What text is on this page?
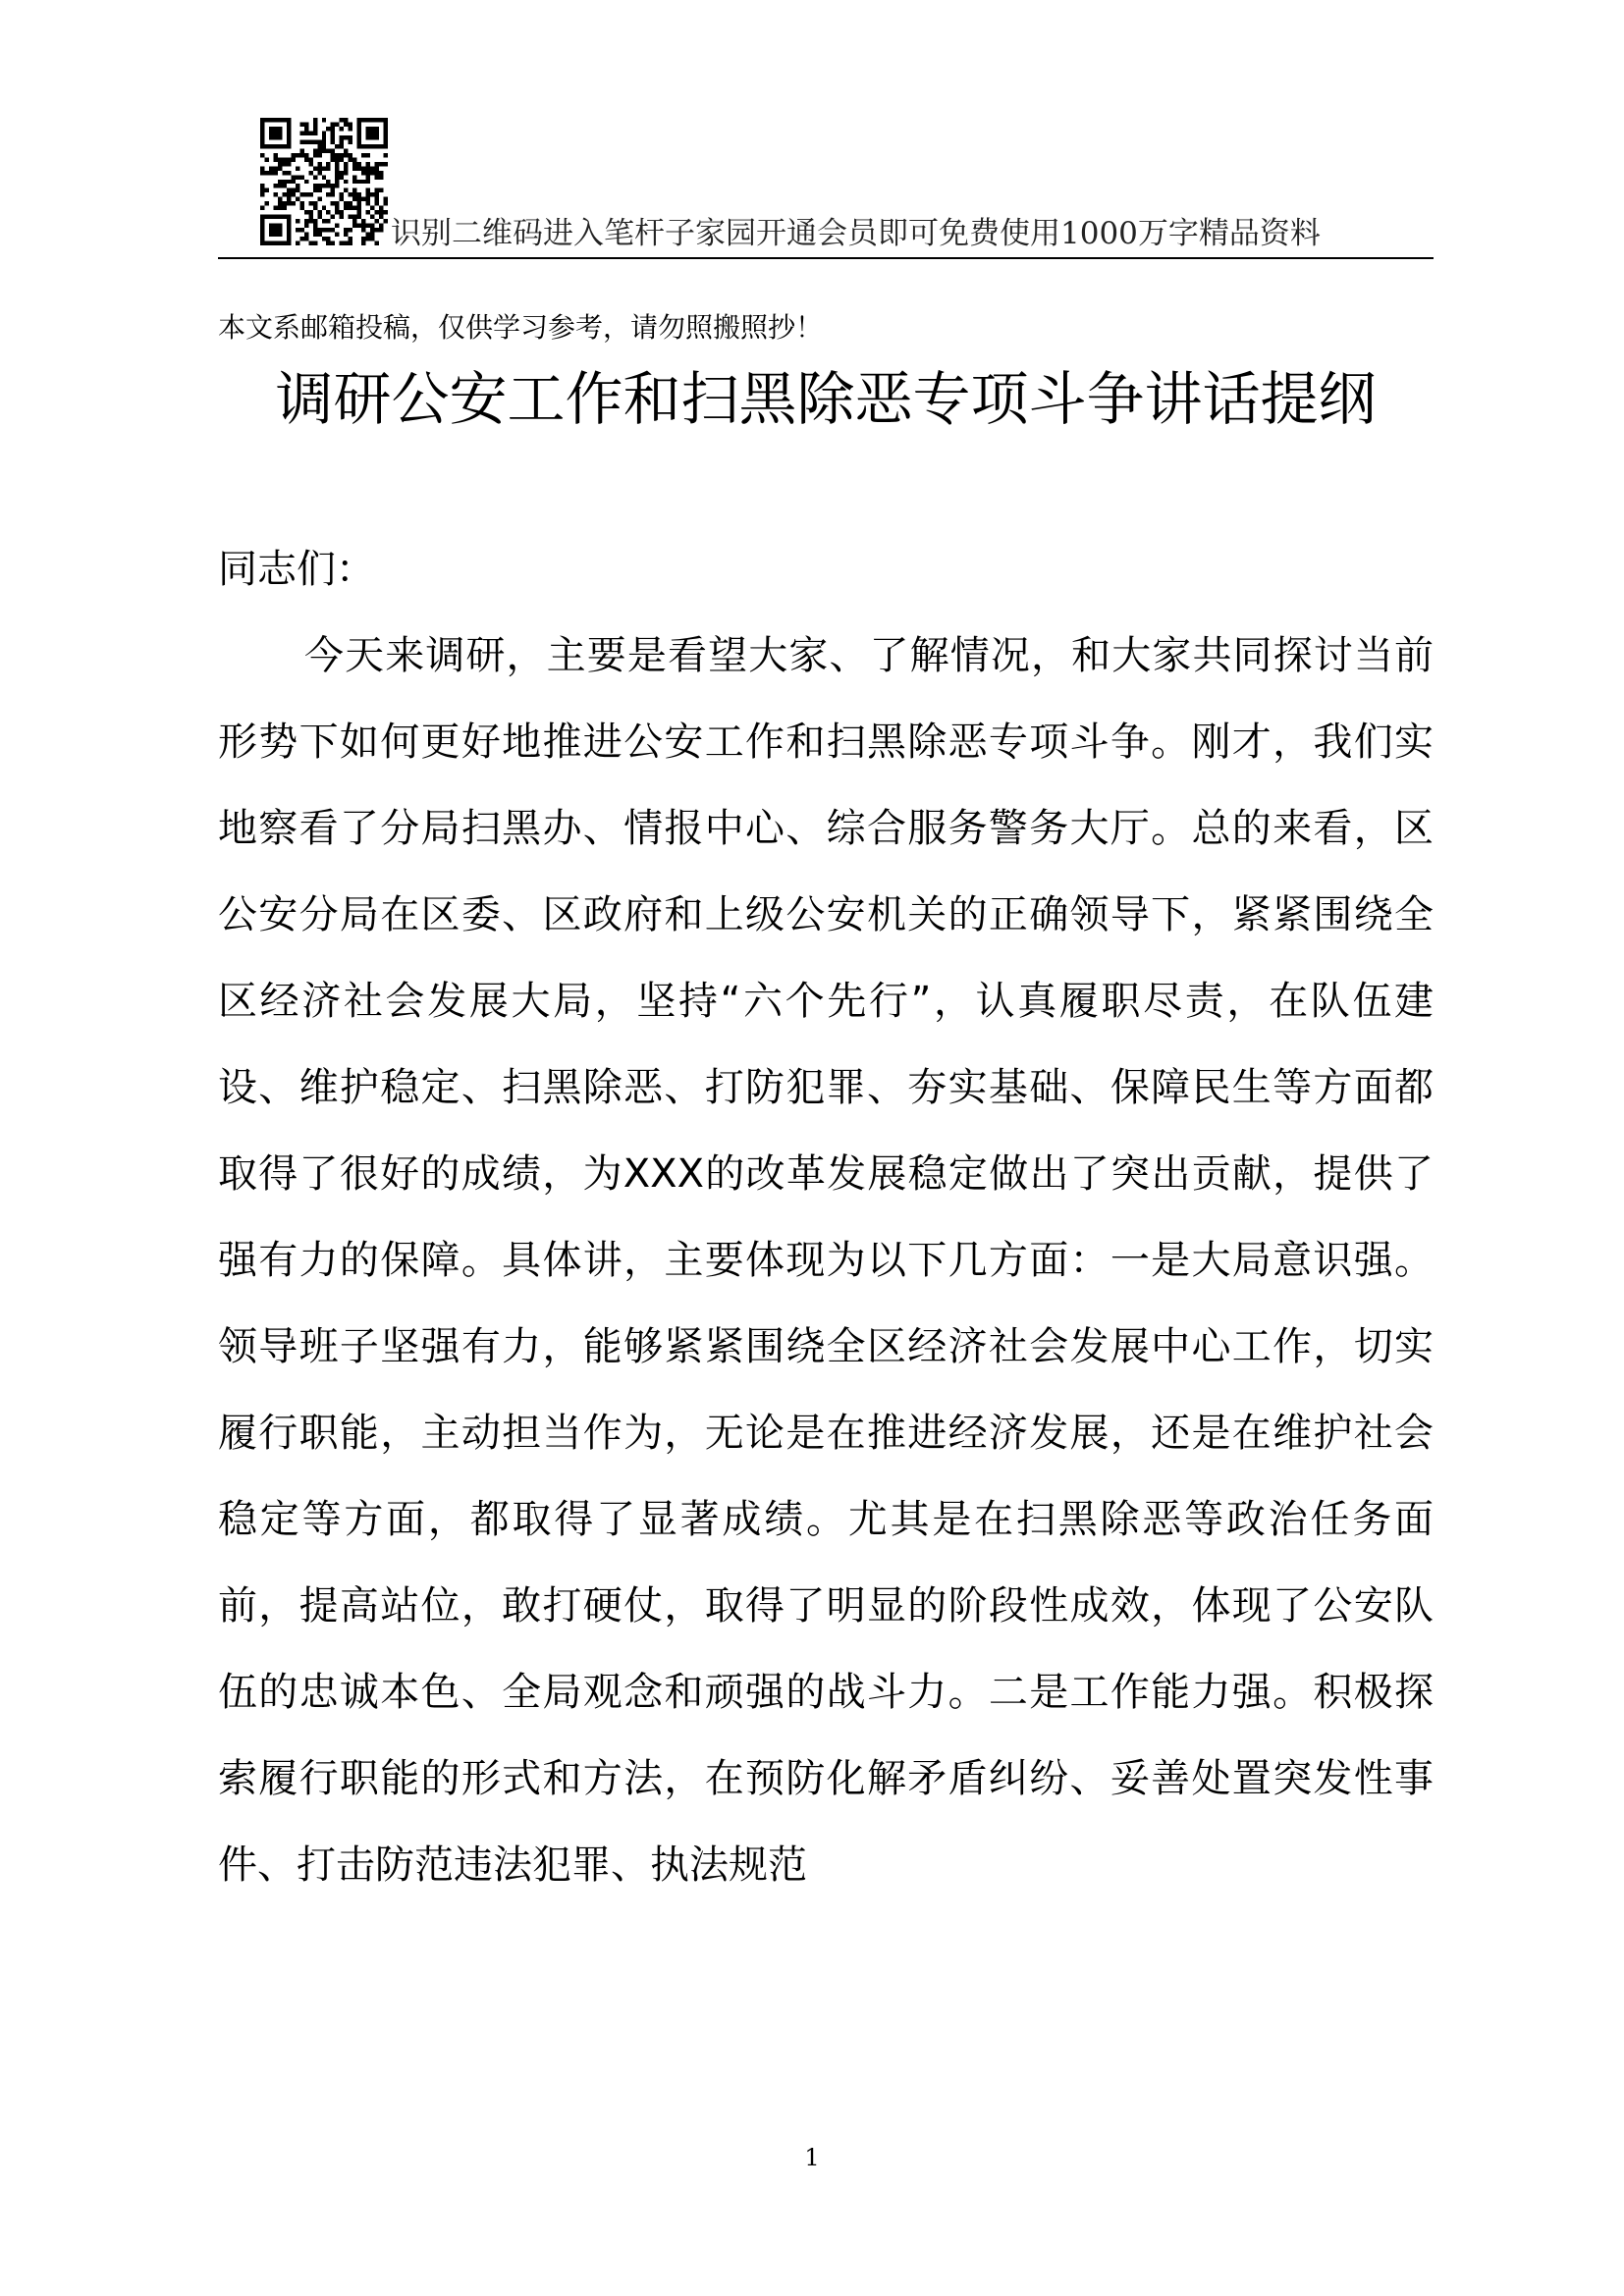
识别二维码进入笔杆子家园开通会员即可免费使用1000万字精品资料
本文系邮箱投稿，仅供学习参考，请勿照搬照抄！
调研公安工作和扫黑除恶专项斗争讲话提纲

同志们：

今天来调研，主要是看望大家、了解情况，和大家共同探讨当前形势下如何更好地推进公安工作和扫黑除恶专项斗争。刚才，我们实地察看了分局扫黑办、情报中心、综合服务警务大厅。总的来看，区公安分局在区委、区政府和上级公安机关的正确领导下，紧紧围绕全区经济社会发展大局，坚持“六个先行”，认真履职尽责，在队伍建设、维护稳定、扫黑除恶、打防犯罪、夯实基础、保障民生等方面都取得了很好的成绩，为XXX的改革发展稳定做出了突出贡献，提供了强有力的保障。具体讲，主要体现为以下几方面：一是大局意识强。领导班子坚强有力，能够紧紧围绕全区经济社会发展中心工作，切实履行职能，主动担当作为，无论是在推进经济发展，还是在维护社会稳定等方面，都取得了显著成绩。尤其是在扫黑除恶等政治任务面前，提高站位，敢打硬仗，取得了明显的阶段性成效，体现了公安队伍的忠诚本色、全局观念和顽强的战斗力。二是工作能力强。积极探索履行职能的形式和方法，在预防化解矛盾纠纷、妥善处置突发性事件、打击防范违法犯罪、执法规范

1
